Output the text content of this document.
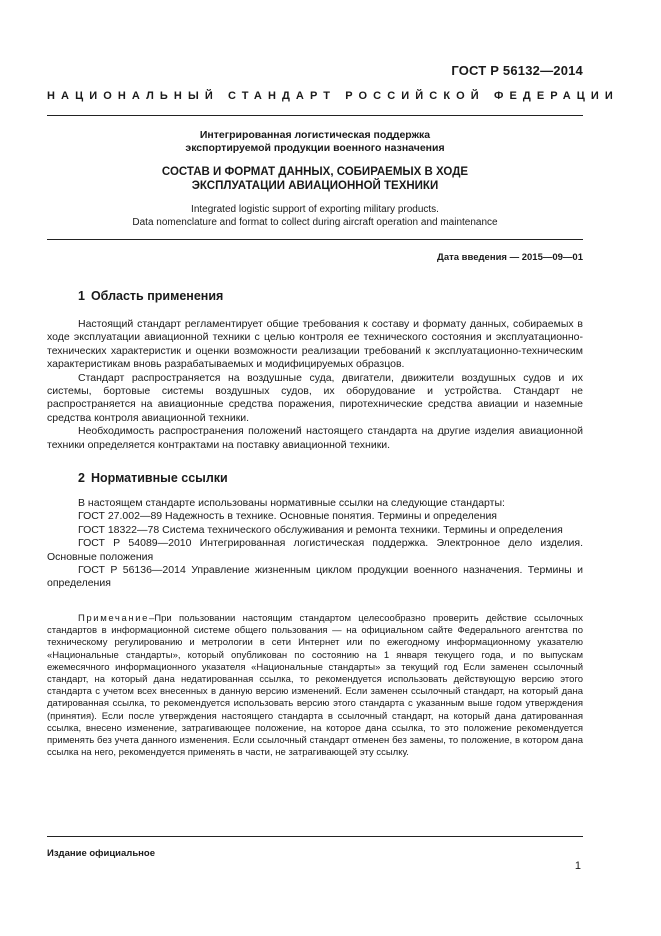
ГОСТ Р 56132—2014
НАЦИОНАЛЬНЫЙ СТАНДАРТ РОССИЙСКОЙ ФЕДЕРАЦИИ
Интегрированная логистическая поддержка
экспортируемой продукции военного назначения
СОСТАВ И ФОРМАТ ДАННЫХ, СОБИРАЕМЫХ В ХОДЕ
ЭКСПЛУАТАЦИИ АВИАЦИОННОЙ ТЕХНИКИ
Integrated logistic support of exporting military products.
Data nomenclature and format to collect during aircraft operation and maintenance
Дата введения — 2015—09—01

1 Область применения

Настоящий стандарт регламентирует общие требования к составу и формату данных, собираемых в ходе эксплуатации авиационной техники с целью контроля ее технического состояния и эксплуатационно-технических характеристик и оценки возможности реализации требований к эксплуатационно-техническим характеристикам вновь разрабатываемых и модифицируемых образцов.

Стандарт распространяется на воздушные суда, двигатели, движители воздушных судов и их системы, бортовые системы воздушных судов, их оборудование и устройства. Стандарт не распространяется на авиационные средства поражения, пиротехнические средства авиации и наземные средства контроля авиационной техники.

Необходимость распространения положений настоящего стандарта на другие изделия авиационной техники определяется контрактами на поставку авиационной техники.

2 Нормативные ссылки

В настоящем стандарте использованы нормативные ссылки на следующие стандарты:

ГОСТ 27.002—89 Надежность в технике. Основные понятия. Термины и определения

ГОСТ 18322—78 Система технического обслуживания и ремонта техники. Термины и определения

ГОСТ Р 54089—2010 Интегрированная логистическая поддержка. Электронное дело изделия. Основные положения

ГОСТ Р 56136—2014 Управление жизненным циклом продукции военного назначения. Термины и определения

Примечание–При пользовании настоящим стандартом целесообразно проверить действие ссылочных стандартов в информационной системе общего пользования — на официальном сайте Федерального агентства по техническому регулированию и метрологии в сети Интернет или по ежегодному информационному указателю «Национальные стандарты», который опубликован по состоянию на 1 января текущего года, и по выпускам ежемесячного информационного указателя «Национальные стандарты» за текущий год Если заменен ссылочный стандарт, на который дана недатированная ссылка, то рекомендуется использовать действующую версию этого стандарта с учетом всех внесенных в данную версию изменений. Если заменен ссылочный стандарт, на который дана датированная ссылка, то рекомендуется использовать версию этого стандарта с указанным выше годом утверждения (принятия). Если после утверждения настоящего стандарта в ссылочный стандарт, на который дана датированная ссылка, внесено изменение, затрагивающее положение, на которое дана ссылка, то это положение рекомендуется применять без учета данного изменения. Если ссылочный стандарт отменен без замены, то положение, в котором дана ссылка на него, рекомендуется применять в части, не затрагивающей эту ссылку.

Издание официальное
1
